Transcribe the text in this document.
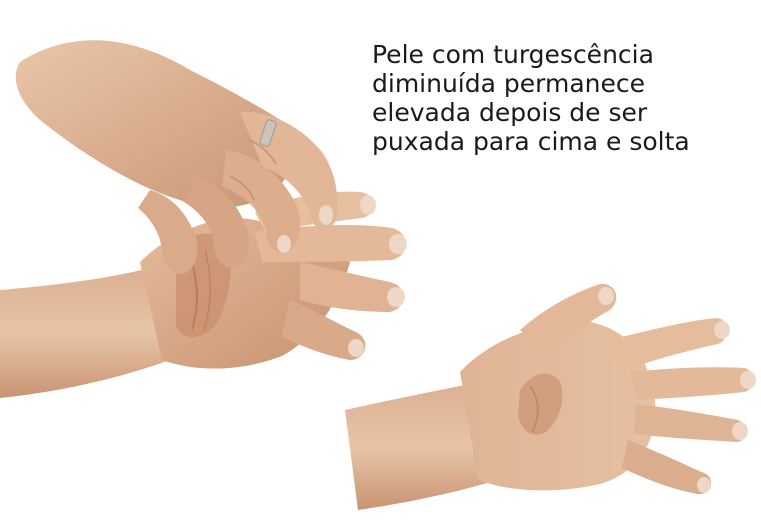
Pele com turgescência
diminuída permanece
elevada depois de ser
puxada para cima e solta
